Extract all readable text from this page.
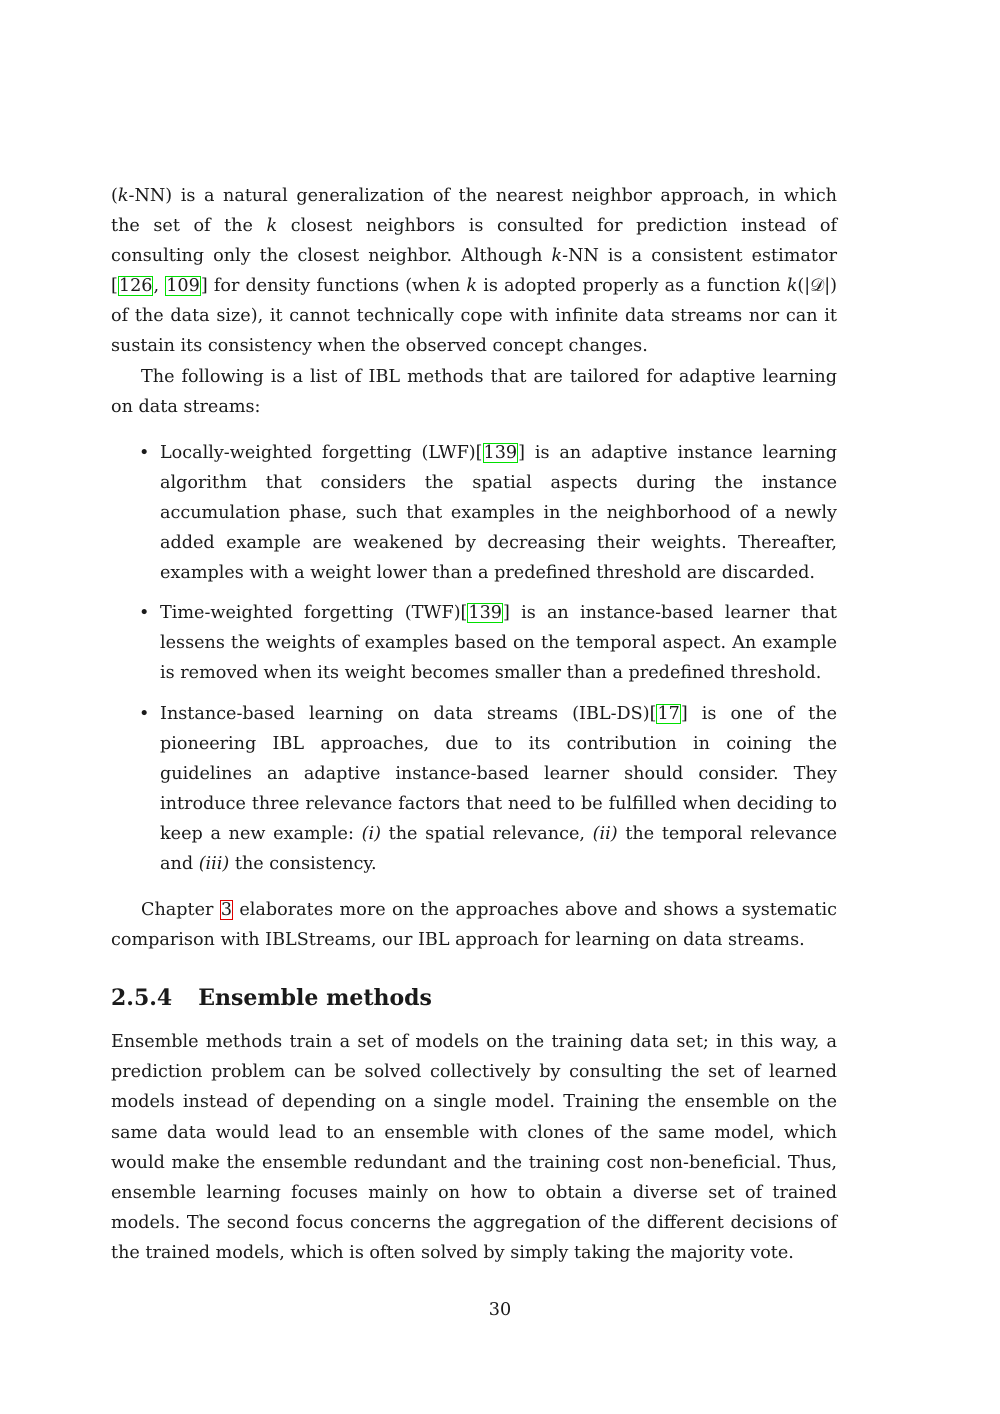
(k-NN) is a natural generalization of the nearest neighbor approach, in which the set of the k closest neighbors is consulted for prediction instead of consulting only the closest neighbor. Although k-NN is a consistent estimator [126, 109] for density functions (when k is adopted properly as a function k(|𝒟|) of the data size), it cannot technically cope with infinite data streams nor can it sustain its consistency when the observed concept changes.

The following is a list of IBL methods that are tailored for adaptive learning on data streams:

• Locally-weighted forgetting (LWF)[139] is an adaptive instance learning algorithm that considers the spatial aspects during the instance accumulation phase, such that examples in the neighborhood of a newly added example are weakened by decreasing their weights. Thereafter, examples with a weight lower than a predefined threshold are discarded.
• Time-weighted forgetting (TWF)[139] is an instance-based learner that lessens the weights of examples based on the temporal aspect. An example is removed when its weight becomes smaller than a predefined threshold.
• Instance-based learning on data streams (IBL-DS)[17] is one of the pioneering IBL approaches, due to its contribution in coining the guidelines an adaptive instance-based learner should consider. They introduce three relevance factors that need to be fulfilled when deciding to keep a new example: (i) the spatial relevance, (ii) the temporal relevance and (iii) the consistency.

Chapter 3 elaborates more on the approaches above and shows a systematic comparison with IBLStreams, our IBL approach for learning on data streams.

2.5.4 Ensemble methods

Ensemble methods train a set of models on the training data set; in this way, a prediction problem can be solved collectively by consulting the set of learned models instead of depending on a single model. Training the ensemble on the same data would lead to an ensemble with clones of the same model, which would make the ensemble redundant and the training cost non-beneficial. Thus, ensemble learning focuses mainly on how to obtain a diverse set of trained models. The second focus concerns the aggregation of the different decisions of the trained models, which is often solved by simply taking the majority vote.

30
